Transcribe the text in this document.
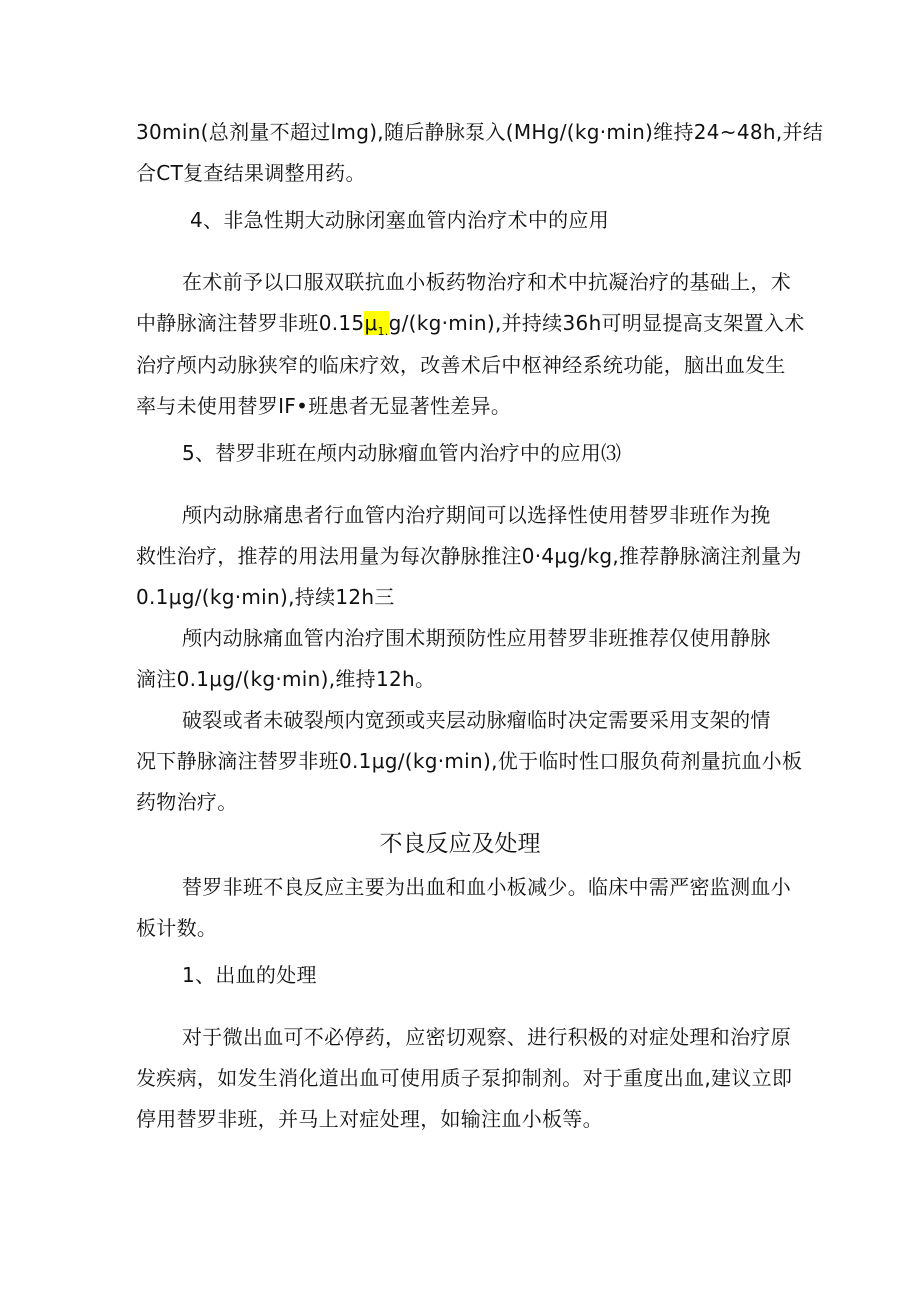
30min(总剂量不超过lmg),随后静脉泵入(MHg/(kg·min)维持24~48h,并结
合CT复查结果调整用药。
4、非急性期大动脉闭塞血管内治疗术中的应用
在术前予以口服双联抗血小板药物治疗和术中抗凝治疗的基础上，术
中静脉滴注替罗非班$0.15\mu_{1.}g/(kg\cdot\min)$,并持续36h可明显提高支架置入术
治疗颅内动脉狭窄的临床疗效，改善术后中枢神经系统功能，脑出血发生
率与未使用替罗IF•班患者无显著性差异。
5、替罗非班在颅内动脉瘤血管内治疗中的应用⑶
颅内动脉痛患者行血管内治疗期间可以选择性使用替罗非班作为挽
救性治疗，推荐的用法用量为每次静脉推注0·4μg∕kg,推荐静脉滴注剂量为
0.1μg∕(kg·min),持续12h三
颅内动脉痛血管内治疗围术期预防性应用替罗非班推荐仅使用静脉
滴注0.1μg∕(kg·min),维持12h。
破裂或者未破裂颅内宽颈或夹层动脉瘤临时决定需要采用支架的情
况下静脉滴注替罗非班0.1μg∕(kg·min),优于临时性口服负荷剂量抗血小板
药物治疗。
不良反应及处理
替罗非班不良反应主要为出血和血小板减少。临床中需严密监测血小
板计数。
1、出血的处理
对于微出血可不必停药，应密切观察、进行积极的对症处理和治疗原
发疾病，如发生消化道出血可使用质子泵抑制剂。对于重度出血,建议立即
停用替罗非班，并马上对症处理，如输注血小板等。
